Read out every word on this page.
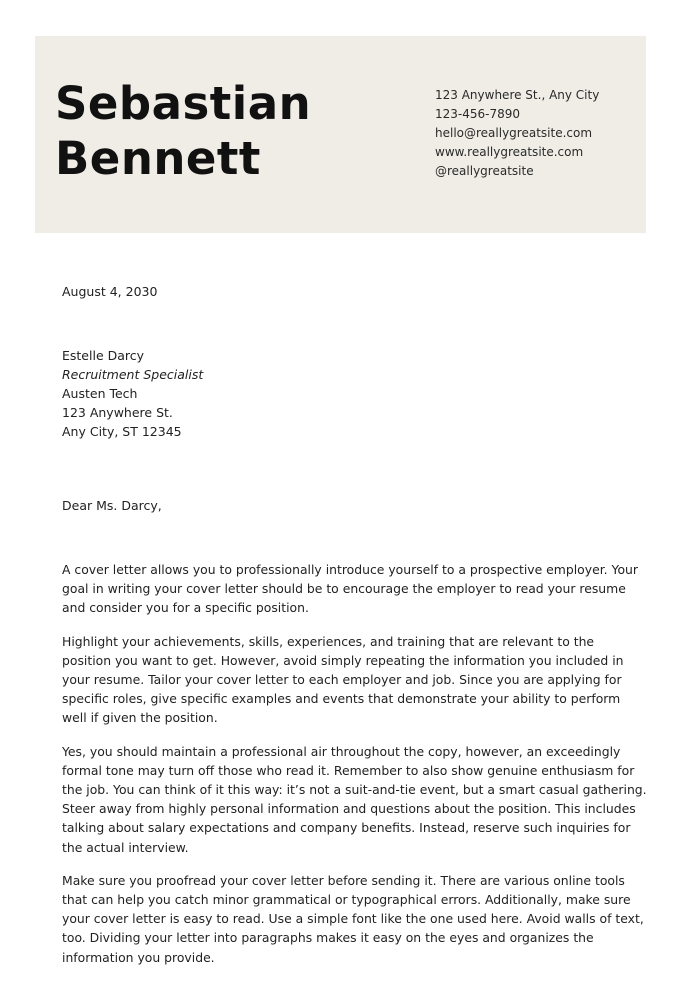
Sebastian
Bennett
123 Anywhere St., Any City
123-456-7890
hello@reallygreatsite.com
www.reallygreatsite.com
@reallygreatsite
August 4, 2030
Estelle Darcy
Recruitment Specialist
Austen Tech
123 Anywhere St.
Any City, ST 12345
Dear Ms. Darcy,

A cover letter allows you to professionally introduce yourself to a prospective employer. Your goal in writing your cover letter should be to encourage the employer to read your resume and consider you for a specific position.

Highlight your achievements, skills, experiences, and training that are relevant to the position you want to get. However, avoid simply repeating the information you included in your resume. Tailor your cover letter to each employer and job. Since you are applying for specific roles, give specific examples and events that demonstrate your ability to perform well if given the position.

Yes, you should maintain a professional air throughout the copy, however, an exceedingly formal tone may turn off those who read it. Remember to also show genuine enthusiasm for the job. You can think of it this way: it’s not a suit-and-tie event, but a smart casual gathering. Steer away from highly personal information and questions about the position. This includes talking about salary expectations and company benefits. Instead, reserve such inquiries for the actual interview.

Make sure you proofread your cover letter before sending it. There are various online tools that can help you catch minor grammatical or typographical errors. Additionally, make sure your cover letter is easy to read. Use a simple font like the one used here. Avoid walls of text, too. Dividing your letter into paragraphs makes it easy on the eyes and organizes the information you provide.
